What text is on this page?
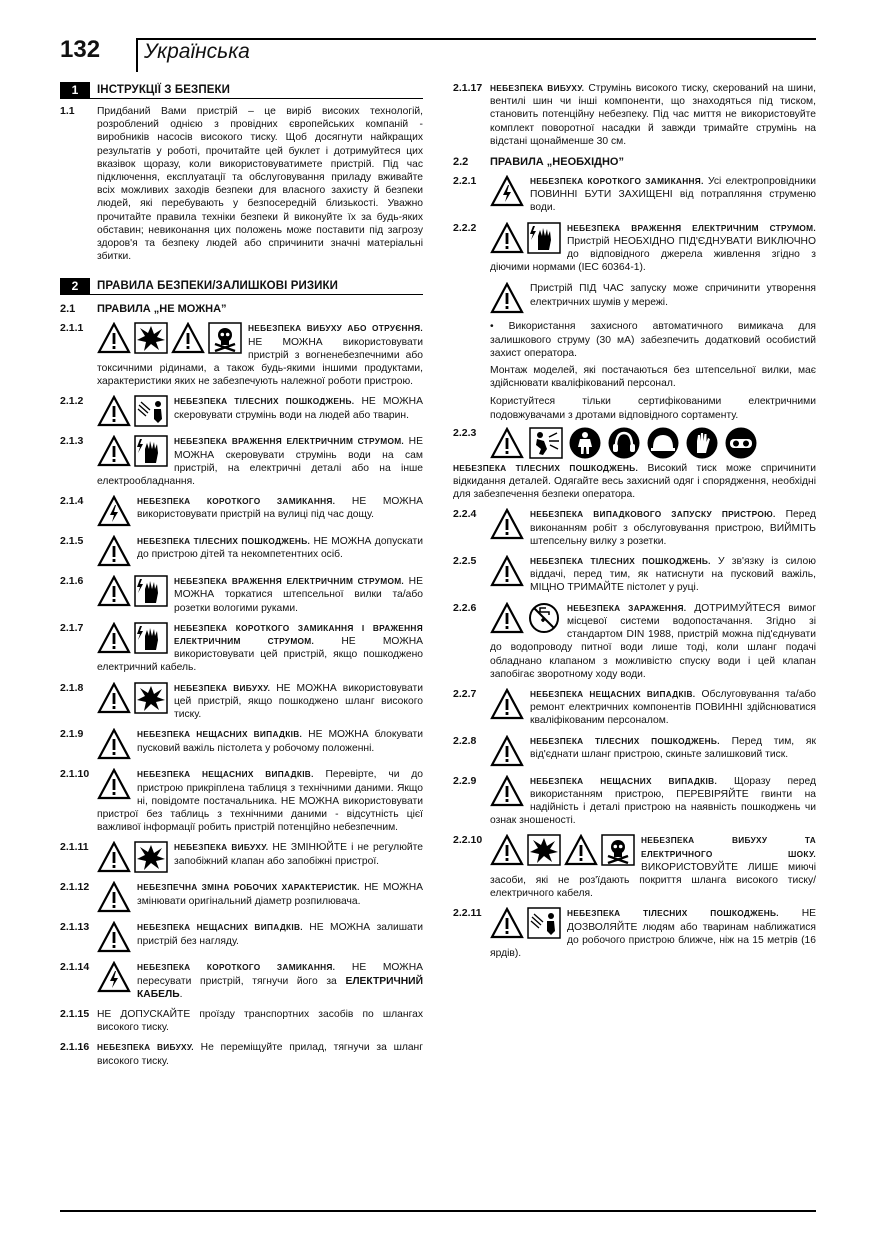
132 Українська
1	ІНСТРУКЦІЇ З БЕЗПЕКИ
1.1	Придбаний Вами пристрій – це виріб високих технологій, розроблений однією з провідних європейських компаній - виробників насосів високого тиску. Щоб досягнути найкращих результатів у роботі, прочитайте цей буклет і дотримуйтеся цих вказівок щоразу, коли використовуватимете пристрій. Під час підключення, експлуатації та обслуговування приладу вживайте всіх можливих заходів безпеки для власного захисту й безпеки людей, які перебувають у безпосередній близькості. Уважно прочитайте правила техніки безпеки й виконуйте їх за будь-яких обставин; невиконання цих положень може поставити під загрозу здоров'я та безпеку людей або спричинити значні матеріальні збитки.
2	ПРАВИЛА БЕЗПЕКИ/ЗАЛИШКОВІ РИЗИКИ
2.1	ПРАВИЛА „НЕ МОЖНА”
2.1.1	НЕБЕЗПЕКА ВИБУХУ АБО ОТРУЄННЯ. НЕ МОЖНА використовувати пристрій з вогненебезпечними або токсичними рідинами, а також будь-якими іншими продуктами, характеристики яких не забезпечують належної роботи пристрою.
2.1.2	НЕБЕЗПЕКА ТІЛЕСНИХ ПОШКОДЖЕНЬ. НЕ МОЖНА скеровувати струмінь води на людей або тварин.
2.1.3	НЕБЕЗПЕКА ВРАЖЕННЯ ЕЛЕКТРИЧНИМ СТРУМОМ. НЕ МОЖНА скеровувати струмінь води на сам пристрій, на електричні деталі або на інше електрообладнання.
2.1.4	НЕБЕЗПЕКА КОРОТКОГО ЗАМИКАННЯ. НЕ МОЖНА використовувати пристрій на вулиці під час дощу.
2.1.5	НЕБЕЗПЕКА ТІЛЕСНИХ ПОШКОДЖЕНЬ. НЕ МОЖНА допускати до пристрою дітей та некомпетентних осіб.
2.1.6	НЕБЕЗПЕКА ВРАЖЕННЯ ЕЛЕКТРИЧНИМ СТРУМОМ. НЕ МОЖНА торкатися штепсельної вилки та/або розетки вологими руками.
2.1.7	НЕБЕЗПЕКА КОРОТКОГО ЗАМИКАННЯ І ВРАЖЕННЯ ЕЛЕКТРИЧНИМ СТРУМОМ. НЕ МОЖНА використовувати цей пристрій, якщо пошкоджено електричний кабель.
2.1.8	НЕБЕЗПЕКА ВИБУХУ. НЕ МОЖНА використовувати цей пристрій, якщо пошкоджено шланг високого тиску.
2.1.9	НЕБЕЗПЕКА НЕЩАСНИХ ВИПАДКІВ. НЕ МОЖНА блокувати пусковий важіль пістолета у робочому положенні.
2.1.10	НЕБЕЗПЕКА НЕЩАСНИХ ВИПАДКІВ. Перевірте, чи до пристрою прикріплена таблиця з технічними даними. Якщо ні, повідомте постачальника. НЕ МОЖНА використовувати пристрої без таблиць з технічними даними - відсутність цієї важливої інформації робить пристрій потенційно небезпечним.
2.1.11	НЕБЕЗПЕКА ВИБУХУ. НЕ ЗМІНЮЙТЕ і не регулюйте запобіжний клапан або запобіжні пристрої.
2.1.12	НЕБЕЗПЕЧНА ЗМІНА РОБОЧИХ ХАРАКТЕРИСТИК. НЕ МОЖНА змінювати оригінальний діаметр розпилювача.
2.1.13	НЕБЕЗПЕКА НЕЩАСНИХ ВИПАДКІВ. НЕ МОЖНА залишати пристрій без нагляду.
2.1.14	НЕБЕЗПЕКА КОРОТКОГО ЗАМИКАННЯ. НЕ МОЖНА пересувати пристрій, тягнучи його за ЕЛЕКТРИЧНИЙ КАБЕЛЬ.
2.1.15 НЕ ДОПУСКАЙТЕ проїзду транспортних засобів по шлангах високого тиску.
2.1.16 НЕБЕЗПЕКА ВИБУХУ. Не переміщуйте прилад, тягнучи за шланг високого тиску.
2.1.17 НЕБЕЗПЕКА ВИБУХУ. Струмінь високого тиску, скерований на шини, вентилі шин чи інші компоненти, що знаходяться під тиском, становить потенційну небезпеку. Під час миття не використовуйте комплект поворотної насадки й завжди тримайте струмінь на відстані щонайменше 30 см.
2.2	ПРАВИЛА „НЕОБХІДНО”
2.2.1	НЕБЕЗПЕКА КОРОТКОГО ЗАМИКАННЯ. Усі електропровідники ПОВИННІ БУТИ ЗАХИЩЕНІ від потрапляння струменю води.
2.2.2	НЕБЕЗПЕКА ВРАЖЕННЯ ЕЛЕКТРИЧНИМ СТРУМОМ. Пристрій НЕОБХІДНО ПІД'ЄДНУВАТИ ВИКЛЮЧНО до відповідного джерела живлення згідно з діючими нормами (IEC 60364-1).
Пристрій ПІД ЧАС запуску може спричинити утворення електричних шумів у мережі.
• Використання захисного автоматичного вимикача для залишкового струму (30 мА) забезпечить додатковий особистий захист оператора.
Монтаж моделей, які постачаються без штепсельної вилки, має здійснювати кваліфікований персонал.
Користуйтеся тільки сертифікованими електричними подовжувачами з дротами відповідного сортаменту.
2.2.3
НЕБЕЗПЕКА ТІЛЕСНИХ ПОШКОДЖЕНЬ. Високий тиск може спричинити відкидання деталей. Одягайте весь захисний одяг і спорядження, необхідні для забезпечення безпеки оператора.
2.2.4	НЕБЕЗПЕКА ВИПАДКОВОГО ЗАПУСКУ ПРИСТРОЮ. Перед виконанням робіт з обслуговування пристрою, ВИЙМІТЬ штепсельну вилку з розетки.
2.2.5	НЕБЕЗПЕКА ТІЛЕСНИХ ПОШКОДЖЕНЬ. У зв'язку із силою віддачі, перед тим, як натиснути на пусковий важіль, МІЦНО ТРИМАЙТЕ пістолет у руці.
2.2.6	НЕБЕЗПЕКА ЗАРАЖЕННЯ. ДОТРИМУЙТЕСЯ вимог місцевої системи водопостачання. Згідно зі стандартом DIN 1988, пристрій можна під'єднувати до водопроводу питної води лише тоді, коли шланг подачі обладнано клапаном з можливістю спуску води і цей клапан запобігає зворотному ходу води.
2.2.7	НЕБЕЗПЕКА НЕЩАСНИХ ВИПАДКІВ. Обслуговування та/або ремонт електричних компонентів ПОВИННІ здійснюватися кваліфікованим персоналом.
2.2.8	НЕБЕЗПЕКА ТІЛЕСНИХ ПОШКОДЖЕНЬ. Перед тим, як від'єднати шланг пристрою, скиньте залишковий тиск.
2.2.9	НЕБЕЗПЕКА НЕЩАСНИХ ВИПАДКІВ. Щоразу перед використанням пристрою, ПЕРЕВІРЯЙТЕ гвинти на надійність і деталі пристрою на наявність пошкоджень чи ознак зношеності.
2.2.10	НЕБЕЗПЕКА ВИБУХУ ТА ЕЛЕКТРИЧНОГО ШОКУ. ВИКОРИСТОВУЙТЕ ЛИШЕ миючі засоби, які не роз'їдають покриття шланга високого тиску/електричного кабеля.
2.2.11	НЕБЕЗПЕКА ТІЛЕСНИХ ПОШКОДЖЕНЬ. НЕ ДОЗВОЛЯЙТЕ людям або тваринам наближатися до робочого пристрою ближче, ніж на 15 метрів (16 ярдів).
